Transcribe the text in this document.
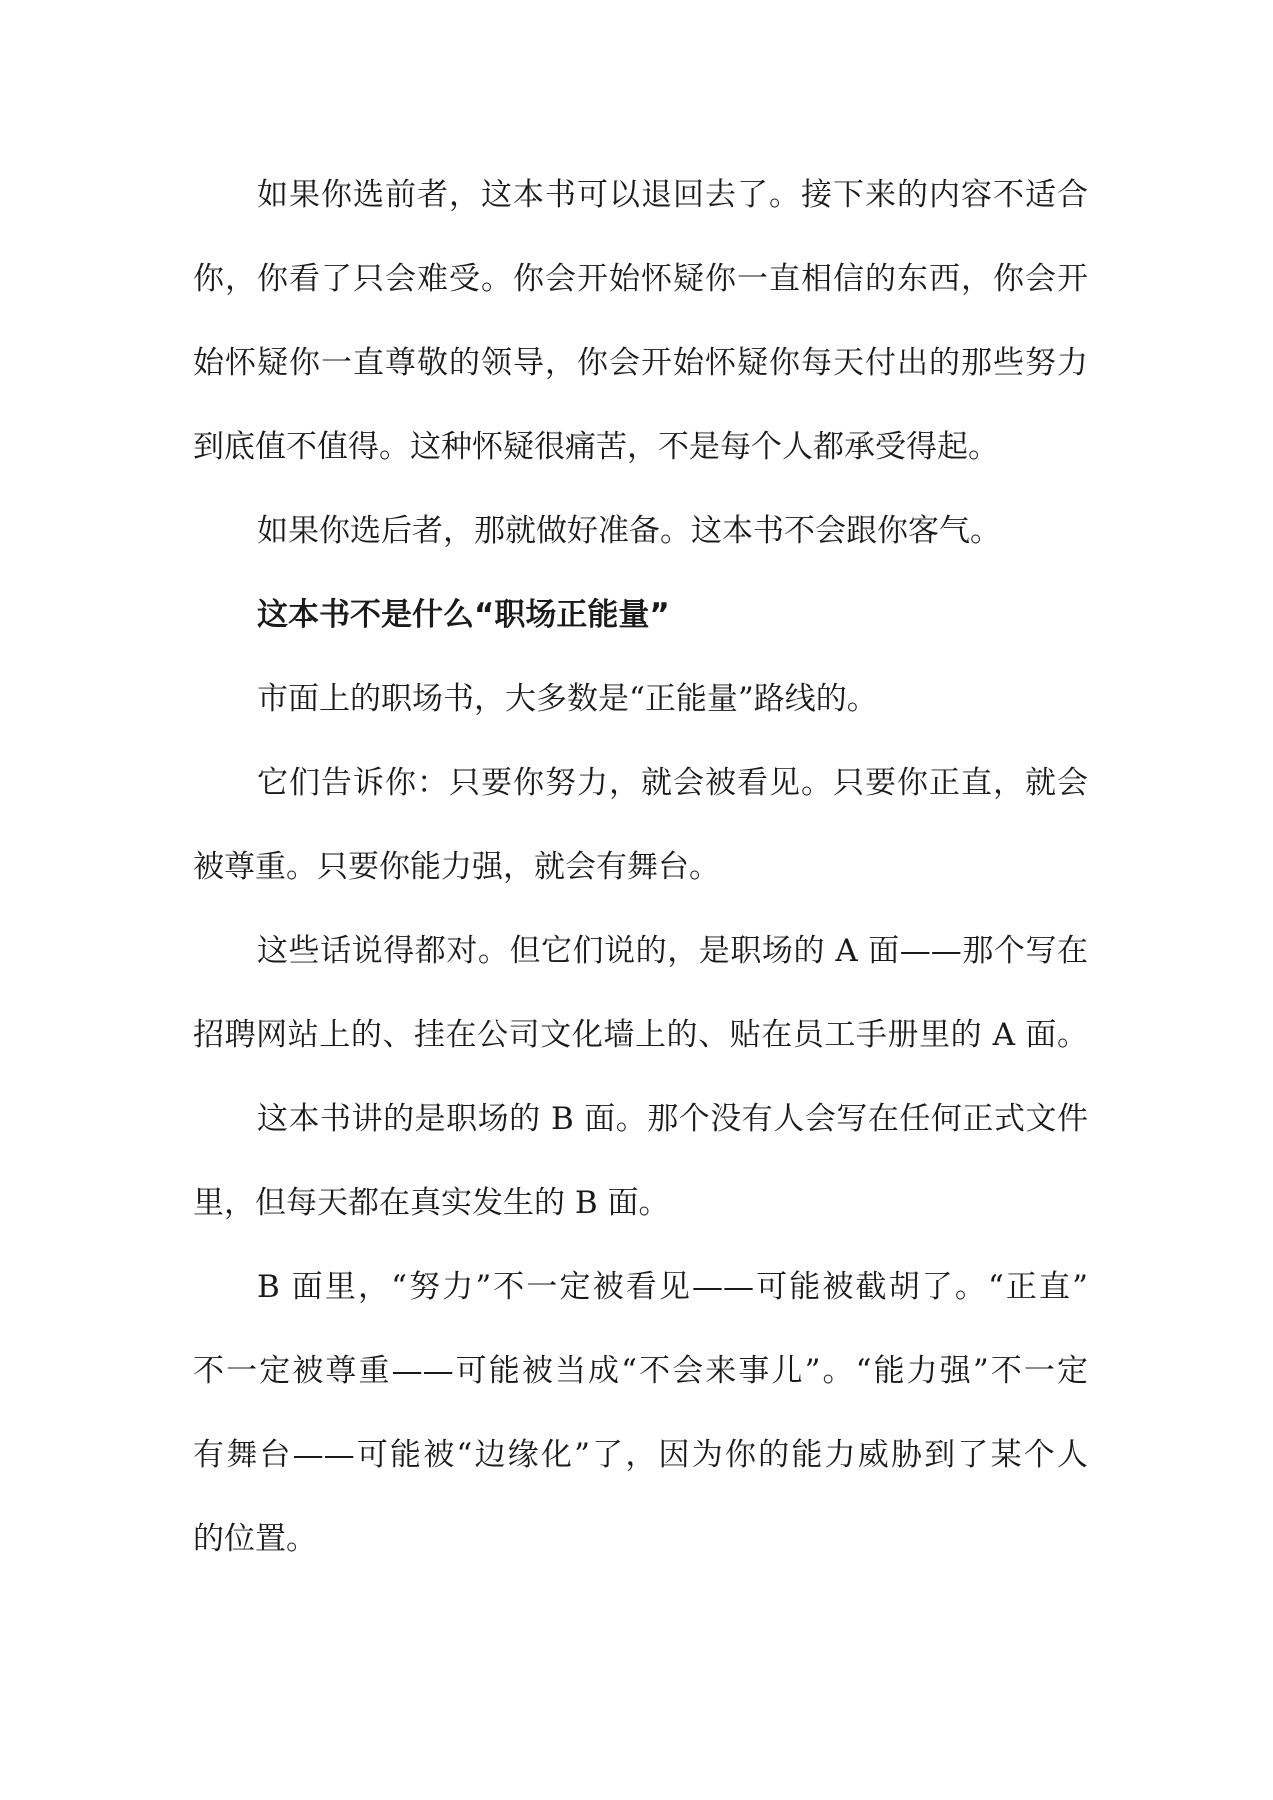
如果你选前者，这本书可以退回去了。接下来的内容不适合
你，你看了只会难受。你会开始怀疑你一直相信的东西，你会开
始怀疑你一直尊敬的领导，你会开始怀疑你每天付出的那些努力
到底值不值得。这种怀疑很痛苦，不是每个人都承受得起。
如果你选后者，那就做好准备。这本书不会跟你客气。
这本书不是什么“职场正能量”
市面上的职场书，大多数是“正能量”路线的。
它们告诉你：只要你努力，就会被看见。只要你正直，就会
被尊重。只要你能力强，就会有舞台。
这些话说得都对。但它们说的，是职场的 A 面——那个写在
招聘网站上的、挂在公司文化墙上的、贴在员工手册里的 A 面。
这本书讲的是职场的 B 面。那个没有人会写在任何正式文件
里，但每天都在真实发生的 B 面。
B 面里，“努力”不一定被看见——可能被截胡了。“正直”
不一定被尊重——可能被当成“不会来事儿”。“能力强”不一定
有舞台——可能被“边缘化”了，因为你的能力威胁到了某个人
的位置。
